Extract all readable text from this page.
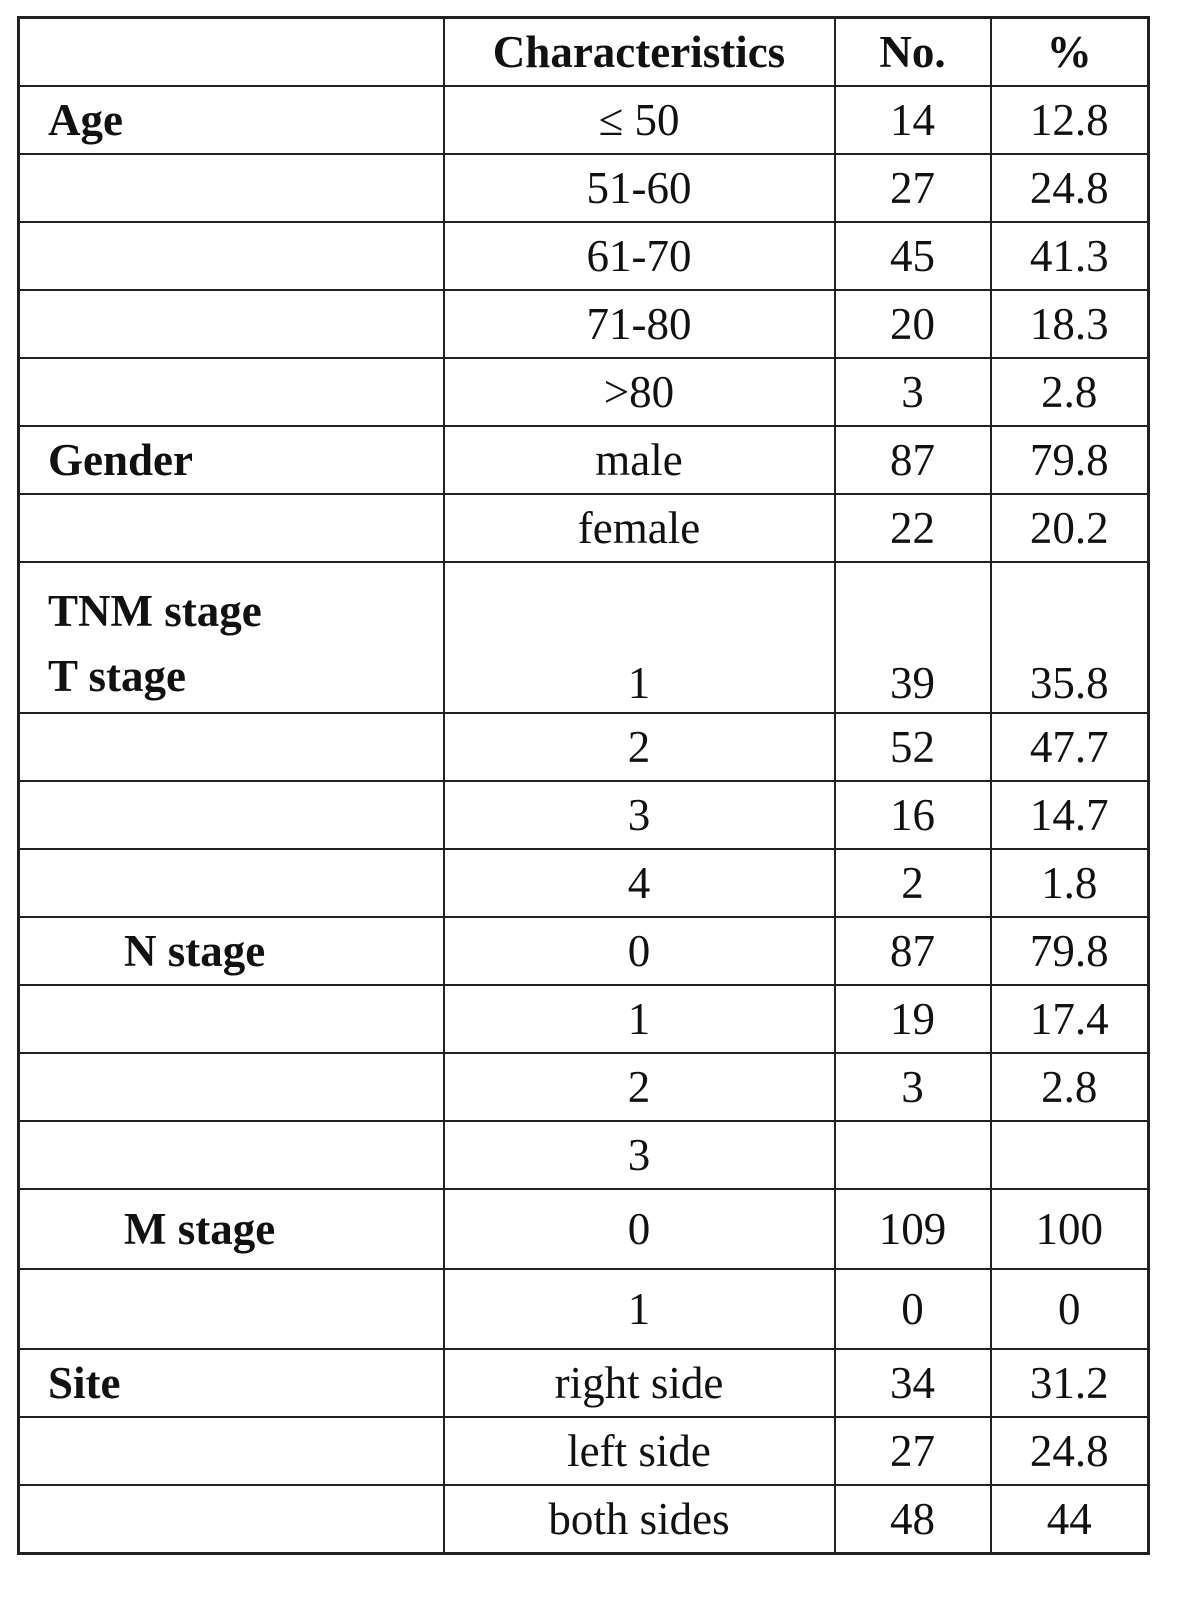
	Characteristics	No.	%
Age	≤ 50	14	12.8
	51-60	27	24.8
	61-70	45	41.3
	71-80	20	18.3
	>80	3	2.8
Gender	male	87	79.8
	female	22	20.2

TNM stage
T stage	1	39	35.8
	2	52	47.7
	3	16	14.7
	4	2	1.8
N stage	0	87	79.8
	1	19	17.4
	2	3	2.8
	3		
M stage	0	109	100
	1	0	0
Site	right side	34	31.2
	left side	27	24.8
	both sides	48	44
